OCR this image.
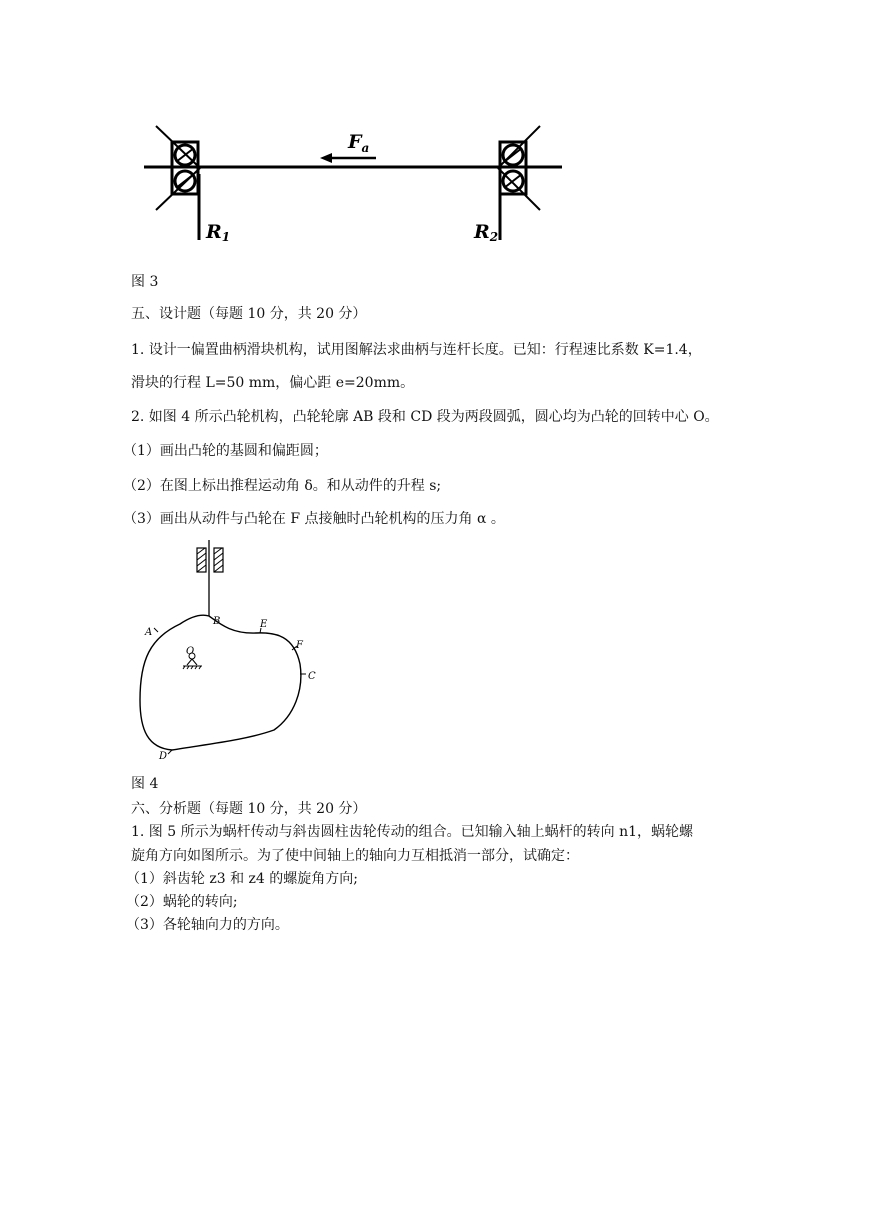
$F_a$
R1	R2
图 3
五、设计题（每题 10 分，共 20 分）
1. 设计一偏置曲柄滑块机构，试用图解法求曲柄与连杆长度。已知：行程速比系数 K=1.4，
滑块的行程 L=50 mm，偏心距 e=20mm。
2. 如图 4 所示凸轮机构，凸轮轮廓 AB 段和 CD 段为两段圆弧，圆心均为凸轮的回转中心 O。
（1）画出凸轮的基圆和偏距圆；
（2）在图上标出推程运动角 δ。和从动件的升程 s;
（3）画出从动件与凸轮在 F 点接触时凸轮机构的压力角 α 。
O
A
B	E
F
C
D
图 4
六、分析题（每题 10 分，共 20 分）
1. 图 5 所示为蜗杆传动与斜齿圆柱齿轮传动的组合。已知输入轴上蜗杆的转向 n1，蜗轮螺
旋角方向如图所示。为了使中间轴上的轴向力互相抵消一部分，试确定：
（1）斜齿轮 z3 和 z4 的螺旋角方向;
（2）蜗轮的转向;
（3）各轮轴向力的方向。
